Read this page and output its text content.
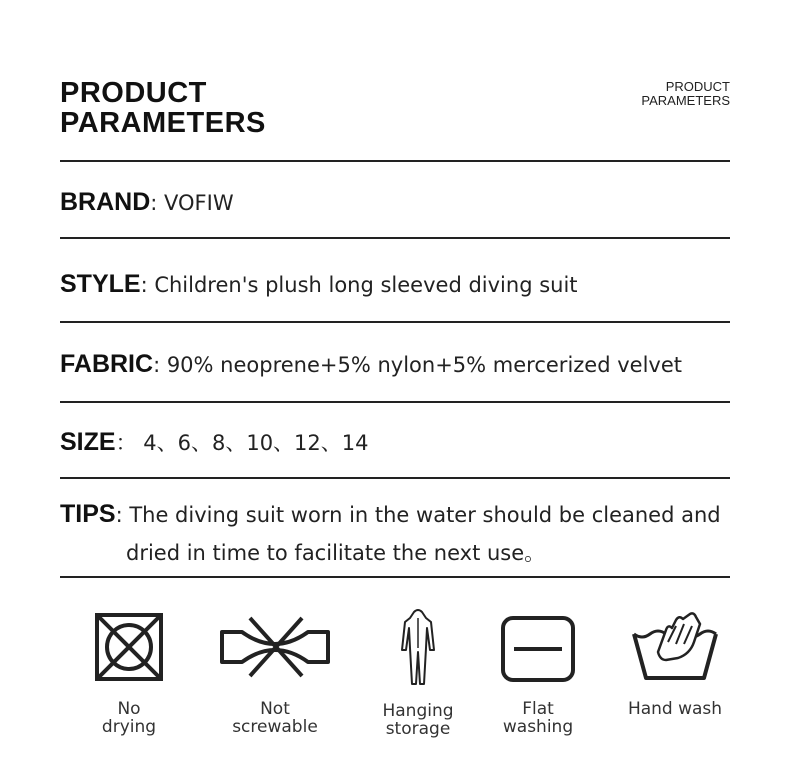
PRODUCT
PARAMETERS
PRODUCT
PARAMETERS
BRAND: VOFIW
STYLE: Children's plush long sleeved diving suit
FABRIC: 90% neoprene+5% nylon+5% mercerized velvet
SIZE： 4、6、8、10、12、14
TIPS: The diving suit worn in the water should be cleaned and
dried in time to facilitate the next use。
No
drying
Not
screwable
Hanging
storage
Flat
washing
Hand wash
